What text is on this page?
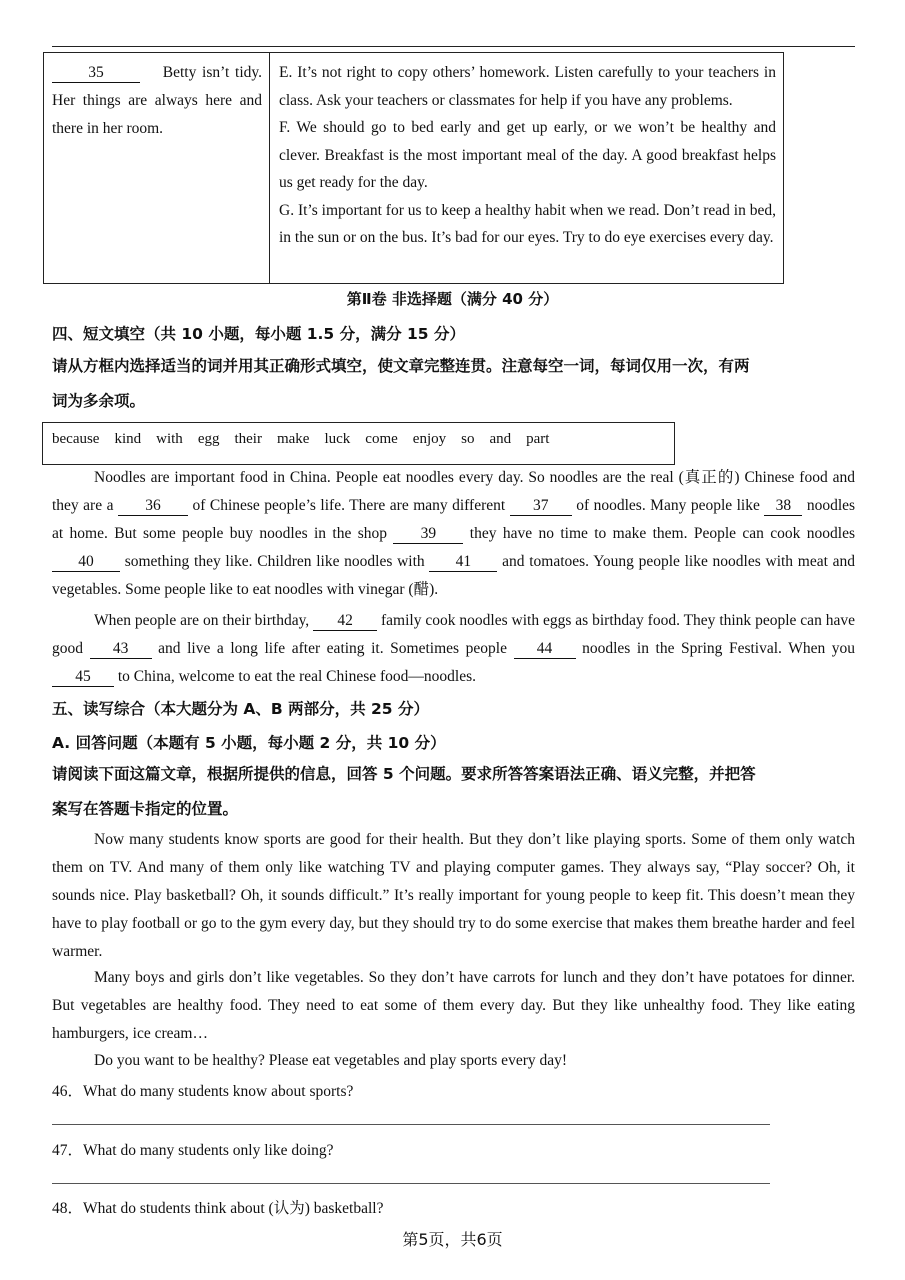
35	Betty isn’t tidy. Her things are always here and there in her room.

E. It’s not right to copy others’ homework. Listen carefully to your teachers in class. Ask your teachers or classmates for help if you have any problems.

F. We should go to bed early and get up early, or we won’t be healthy and clever. Breakfast is the most important meal of the day. A good breakfast helps us get ready for the day.

G. It’s important for us to keep a healthy habit when we read. Don’t read in bed, in the sun or on the bus. It’s bad for our eyes. Try to do eye exercises every day.

第Ⅱ卷 非选择题（满分 40 分）
四、短文填空（共 10 小题，每小题 1.5 分，满分 15 分）
请从方框内选择适当的词并用其正确形式填空，使文章完整连贯。注意每空一词，每词仅用一次，有两
词为多余项。
because kind with egg their make luck come enjoy so and part
Noodles are important food in China. People eat noodles every day. So noodles are the real (真正的) Chinese food and they are a 36 of Chinese people’s life. There are many different 37 of noodles. Many people like 38 noodles at home. But some people buy noodles in the shop 39 they have no time to make them. People can cook noodles 40 something they like. Children like noodles with 41 and tomatoes. Young people like noodles with meat and vegetables. Some people like to eat noodles with vinegar (醋).
When people are on their birthday, 42 family cook noodles with eggs as birthday food. They think people can have good 43 and live a long life after eating it. Sometimes people 44 noodles in the Spring Festival. When you 45 to China, welcome to eat the real Chinese food—noodles.
五、读写综合（本大题分为 A、B 两部分，共 25 分）
A. 回答问题（本题有 5 小题，每小题 2 分，共 10 分）
请阅读下面这篇文章，根据所提供的信息，回答 5 个问题。要求所答答案语法正确、语义完整，并把答
案写在答题卡指定的位置。
Now many students know sports are good for their health. But they don’t like playing sports. Some of them only watch them on TV. And many of them only like watching TV and playing computer games. They always say, “Play soccer? Oh, it sounds nice. Play basketball? Oh, it sounds difficult.” It’s really important for young people to keep fit. This doesn’t mean they have to play football or go to the gym every day, but they should try to do some exercise that makes them breathe harder and feel warmer.
Many boys and girls don’t like vegetables. So they don’t have carrots for lunch and they don’t have potatoes for dinner. But vegetables are healthy food. They need to eat some of them every day. But they like unhealthy food. They like eating hamburgers, ice cream…
Do you want to be healthy? Please eat vegetables and play sports every day!
46．What do many students know about sports?
47．What do many students only like doing?
48．What do students think about (认为) basketball?
第5页，共6页
